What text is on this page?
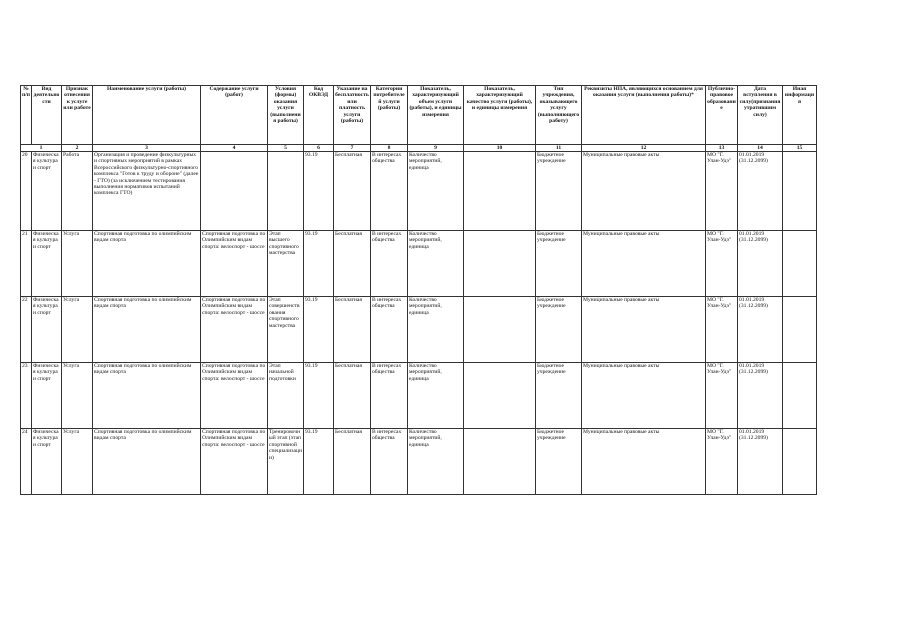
№ п/п	Вид деятельности	Признак отнесения к услуге или работе	Наименование услуги (работы)	Содержание услуги (работ)	Условия (формы) оказания услуги (выполнения работы)	Код ОКВЭД	Указание на бесплатность или платность услуги (работы)	Категории потребителей услуги (работы)	Показатель, характеризующий объем услуги (работы), и единицы измерения	Показатель, характеризующий качество услуги (работы), и единицы измерения	Тип учреждения, оказывающего услугу (выполняющего работу)	Реквизиты НПА, являющихся основанием для оказания услуги (выполнения работы)*	Публично-правовое образование	Дата вступления в силу(признания утратившим силу)	Иная информация
1		2	3	4	5	6	7	8	9	10	11	12	13	14	15
20	Физическая культура и спорт	Работа	Организация и проведение физкультурных и спортивных мероприятий в рамках Всероссийского физкультурно-спортивного комплекса "Готов к труду и обороне" (далее - ГТО) (за исключением тестирования выполнения нормативов испытаний комплекса ГТО)			93.19	Бесплатная	В интересах общества	Количество мероприятий, единица		Бюджетное учреждение	Муниципальные правовые акты	МО "Г. Улан-Удэ"	01.01.2019 (31.12.2099)	
21	Физическая культура и спорт	Услуга	Спортивная подготовка по олимпийским видам спорта	Спортивная подготовка по Олимпийским видам спорта: велоспорт - шоссе	Этап высшего спортивного мастерства	93.19	Бесплатная	В интересах общества	Количество мероприятий, единица		Бюджетное учреждение	Муниципальные правовые акты	МО "Г. Улан-Удэ"	01.01.2019 (31.12.2099)	
22	Физическая культура и спорт	Услуга	Спортивная подготовка по олимпийским видам спорта	Спортивная подготовка по Олимпийским видам спорта: велоспорт - шоссе	Этап совершенствования спортивного мастерства	93.19	Бесплатная	В интересах общества	Количество мероприятий, единица		Бюджетное учреждение	Муниципальные правовые акты	МО "Г. Улан-Удэ"	01.01.2019 (31.12.2099)	
23	Физическая культура и спорт	Услуга	Спортивная подготовка по олимпийским видам спорта	Спортивная подготовка по Олимпийским видам спорта: велоспорт - шоссе	Этап начальной подготовки	93.19	Бесплатная	В интересах общества	Количество мероприятий, единица		Бюджетное учреждение	Муниципальные правовые акты	МО "Г. Улан-Удэ"	01.01.2019 (31.12.2099)	
24	Физическая культура и спорт	Услуга	Спортивная подготовка по олимпийским видам спорта	Спортивная подготовка по Олимпийским видам спорта: велоспорт - шоссе	Тренировочный этап (этап спортивной специализации)	93.19	Бесплатная	В интересах общества	Количество мероприятий, единица		Бюджетное учреждение	Муниципальные правовые акты	МО "Г. Улан-Удэ"	01.01.2019 (31.12.2099)	
